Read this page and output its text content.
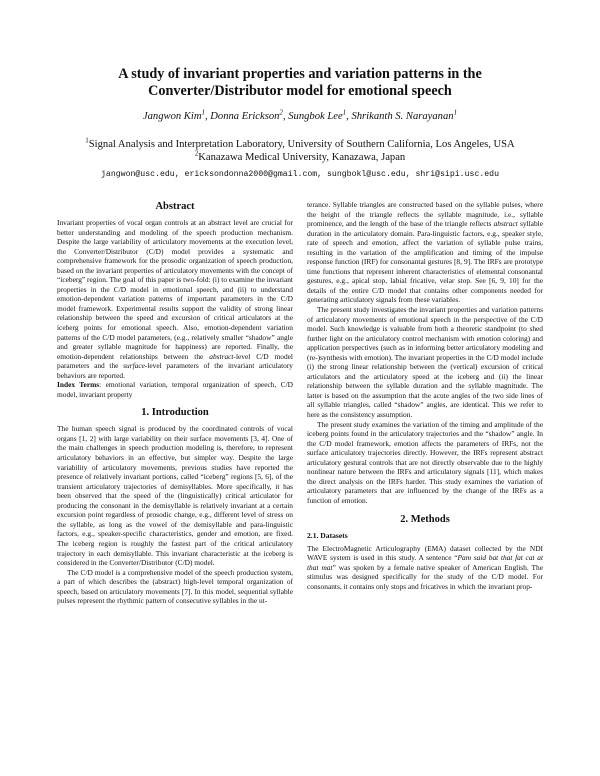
A study of invariant properties and variation patterns in the
Converter/Distributor model for emotional speech
Jangwon Kim$^1$, Donna Erickson$^2$, Sungbok Lee$^1$, Shrikanth S. Narayanan$^1$
$^1$Signal Analysis and Interpretation Laboratory, University of Southern California, Los Angeles, USA
$^2$Kanazawa Medical University, Kanazawa, Japan
jangwon@usc.edu, ericksondonna2000@gmail.com, sungbokl@usc.edu, shri@sipi.usc.edu
Abstract

Invariant properties of vocal organ controls at an abstract level are crucial for better understanding and modeling of the speech production mechanism. Despite the large variability of articulatory movements at the execution level, the Converter/Distributor (C/D) model provides a systematic and comprehensive framework for the prosodic organization of speech production, based on the invariant properties of articulatory movements with the concept of “iceberg” region. The goal of this paper is two-fold: (i) to examine the invariant properties in the C/D model in emotional speech, and (ii) to understand emotion-dependent variation patterns of important parameters in the C/D model framework. Experimental results support the validity of strong linear relationship between the speed and excursion of critical articulators at the iceberg points for emotional speech. Also, emotion-dependent variation patterns of the C/D model parameters, (e.g., relatively smaller “shadow” angle and greater syllable magnitude for happiness) are reported. Finally, the emotion-dependent relationships between the abstract-level C/D model parameters and the surface-level parameters of the invariant articulatory behaviors are reported.

Index Terms: emotional variation, temporal organization of speech, C/D model, invariant property

1. Introduction

The human speech signal is produced by the coordinated controls of vocal organs [1, 2] with large variability on their surface movements [3, 4]. One of the main challenges in speech production modeling is, therefore, to represent articulatory behaviors in an effective, but simpler way. Despite the large variability of articulatory movements, previous studies have reported the presence of relatively invariant portions, called “iceberg” regions [5, 6], of the transient articulatory trajectories of demisyllables. More specifically, it has been observed that the speed of the (linguistically) critical articulator for producing the consonant in the demisyllable is relatively invariant at a certain excursion point regardless of prosodic change, e.g., different level of stress on the syllable, as long as the vowel of the demisyllable and para-linguistic factors, e.g., speaker-specific characteristics, gender and emotion, are fixed. The iceberg region is roughly the fastest part of the critical articulatory trajectory in each demisyllable. This invariant characteristic at the iceberg is considered in the Converter/Distributor (C/D) model.

The C/D model is a comprehensive model of the speech production system, a part of which describes the (abstract) high-level temporal organization of speech, based on articulatory movements [7]. In this model, sequential syllable pulses represent the rhythmic pattern of consecutive syllables in the ut-

terance. Syllable triangles are constructed based on the syllable pulses, where the height of the triangle reflects the syllable magnitude, i.e., syllable prominence, and the length of the base of the triangle reflects abstract syllable duration in the articulatory domain. Para-linguistic factors, e.g., speaker style, rate of speech and emotion, affect the variation of syllable pulse trains, resulting in the variation of the amplification and timing of the impulse response function (IRF) for consonantal gestures [8, 9]. The IRFs are prototype time functions that represent inherent characteristics of elemental consonantal gestures, e.g., apical stop, labial fricative, velar stop. See [6, 9, 10] for the details of the entire C/D model that contains other components needed for generating articulatory signals from these variables.

The present study investigates the invariant properties and variation patterns of articulatory movements of emotional speech in the perspective of the C/D model. Such knowledge is valuable from both a theoretic standpoint (to shed further light on the articulatory control mechanism with emotion coloring) and application perspectives (such as in informing better articulatory modeling and (re-)synthesis with emotion). The invariant properties in the C/D model include (i) the strong linear relationship between the (vertical) excursion of critical articulators and the articulatory speed at the iceberg and (ii) the linear relationship between the syllable duration and the syllable magnitude. The latter is based on the assumption that the acute angles of the two side lines of all syllable triangles, called “shadow” angles, are identical. This we refer to here as the consistency assumption.

The present study examines the variation of the timing and amplitude of the iceberg points found in the articulatory trajectories and the “shadow” angle. In the C/D model framework, emotion affects the parameters of IRFs, not the surface articulatory trajectories directly. However, the IRFs represent abstract articulatory gestural controls that are not directly observable due to the highly nonlinear nature between the IRFs and articulatory signals [11], which makes the direct analysis on the IRFs harder. This study examines the variation of articulatory parameters that are influenced by the change of the IRFs as a function of emotion.

2. Methods
2.1. Datasets

The ElectroMagnetic Articulography (EMA) dataset collected by the NDI WAVE system is used in this study. A sentence “Pam said bat that fat cat at that mat” was spoken by a female native speaker of American English. The stimulus was designed specifically for the study of the C/D model. For consonants, it contains only stops and fricatives in which the invariant prop-
